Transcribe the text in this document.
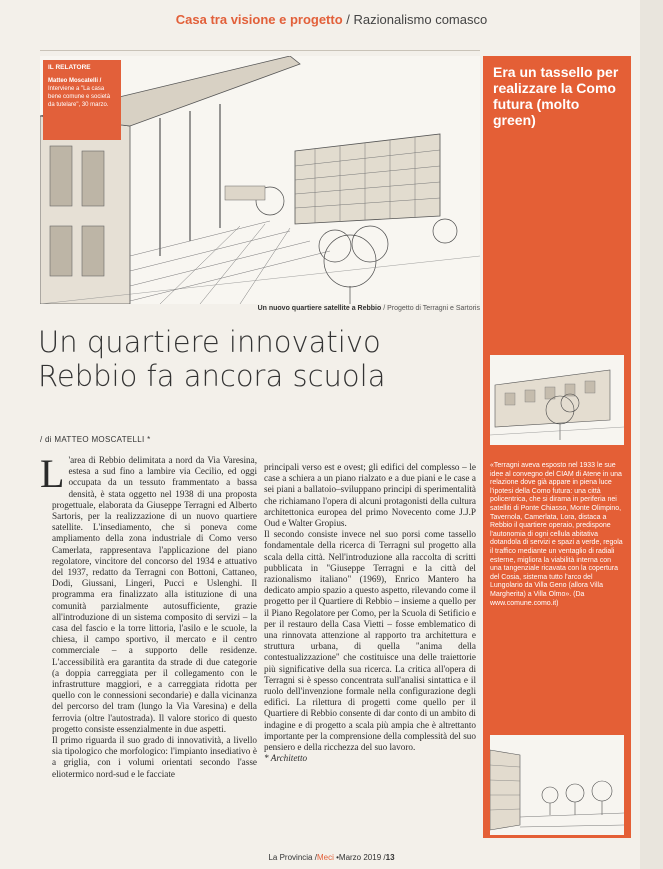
Casa tra visione e progetto / Razionalismo comasco
IL RELATORE
Matteo Moscatelli /
Interviene a "La casa bene comune e società da tutelare", 30 marzo.
Un nuovo quartiere satellite a Rebbio / Progetto di Terragni e Sartoris
Un quartiere innovativo
Rebbio fa ancora scuola
/ di MATTEO MOSCATELLI *

L 'area di Rebbio delimitata a nord da Via Varesina, estesa a sud fino a lambire via Cecilio, ed oggi occupata da un tessuto frammentato a bassa densità, è stata oggetto nel 1938 di una proposta progettuale, elaborata da Giuseppe Terragni ed Alberto Sartoris, per la realizzazione di un nuovo quartiere satellite. L'insediamento, che si poneva come ampliamento della zona industriale di Como verso Camerlata, rappresentava l'applicazione del piano regolatore, vincitore del concorso del 1934 e attuativo del 1937, redatto da Terragni con Bottoni, Cattaneo, Dodi, Giussani, Lingeri, Pucci e Uslenghi. Il programma era finalizzato alla istituzione di una comunità parzialmente autosufficiente, grazie all'introduzione di un sistema composito di servizi – la casa del fascio e la torre littoria, l'asilo e le scuole, la chiesa, il campo sportivo, il mercato e il centro commerciale – a supporto delle residenze. L'accessibilità era garantita da strade di due categorie (a doppia carreggiata per il collegamento con le infrastrutture maggiori, e a carreggiata ridotta per quello con le connessioni secondarie) e dalla vicinanza del percorso del tram (lungo la Via Varesina) e della ferrovia (oltre l'autostrada). Il valore storico di questo progetto consiste essenzialmente in due aspetti.

Il primo riguarda il suo grado di innovatività, a livello sia tipologico che morfologico: l'impianto insediativo è a griglia, con i volumi orientati secondo l'asse eliotermico nord-sud e le facciate

principali verso est e ovest; gli edifici del complesso – le case a schiera a un piano rialzato e a due piani e le case a sei piani a ballatoio–sviluppano principi di sperimentalità che richiamano l'opera di alcuni protagonisti della cultura architettonica europea del primo Novecento come J.J.P Oud e Walter Gropius.

Il secondo consiste invece nel suo porsi come tassello fondamentale della ricerca di Terragni sul progetto alla scala della città. Nell'introduzione alla raccolta di scritti pubblicata in "Giuseppe Terragni e la città del razionalismo italiano" (1969), Enrico Mantero ha dedicato ampio spazio a questo aspetto, rilevando come il progetto per il Quartiere di Rebbio – insieme a quello per il Piano Regolatore per Como, per la Scuola di Setificio e per il restauro della Casa Vietti – fosse emblematico di una rinnovata attenzione al rapporto tra architettura e struttura urbana, di quella "anima della contestualizzazione" che costituisce una delle traiettorie più significative della sua ricerca. La critica all'opera di Terragni si è spesso concentrata sull'analisi sintattica e il ruolo dell'invenzione formale nella configurazione degli edifici. La rilettura di progetti come quello per il Quartiere di Rebbio consente di dar conto di un ambito di indagine e di progetto a scala più ampia che è altrettanto importante per la comprensione della complessità del suo pensiero e della ricchezza del suo lavoro.

* Architetto

Era un tassello per realizzare la Como futura (molto green)
«Terragni aveva esposto nel 1933 le sue idee al convegno del CIAM di Atene in una relazione dove già appare in piena luce l'ipotesi della Como futura: una città policentrica, che si dirama in periferia nei satelliti di Ponte Chiasso, Monte Olimpino, Tavernola, Camerlata, Lora, distaca a Rebbio il quartiere operaio, predispone l'autonomia di ogni cellula abitativa dotandola di servizi e spazi a verde, regola il traffico mediante un ventaglio di radiali esterne, migliora la viabilità interna con una tangenziale ricavata con la copertura del Cosia, sistema tutto l'arco del Lungolario da Villa Geno (allora Villa Margherita) a Villa Olmo». (Da www.comune.como.it)
La Provincia /Meci •Marzo 2019 /13
